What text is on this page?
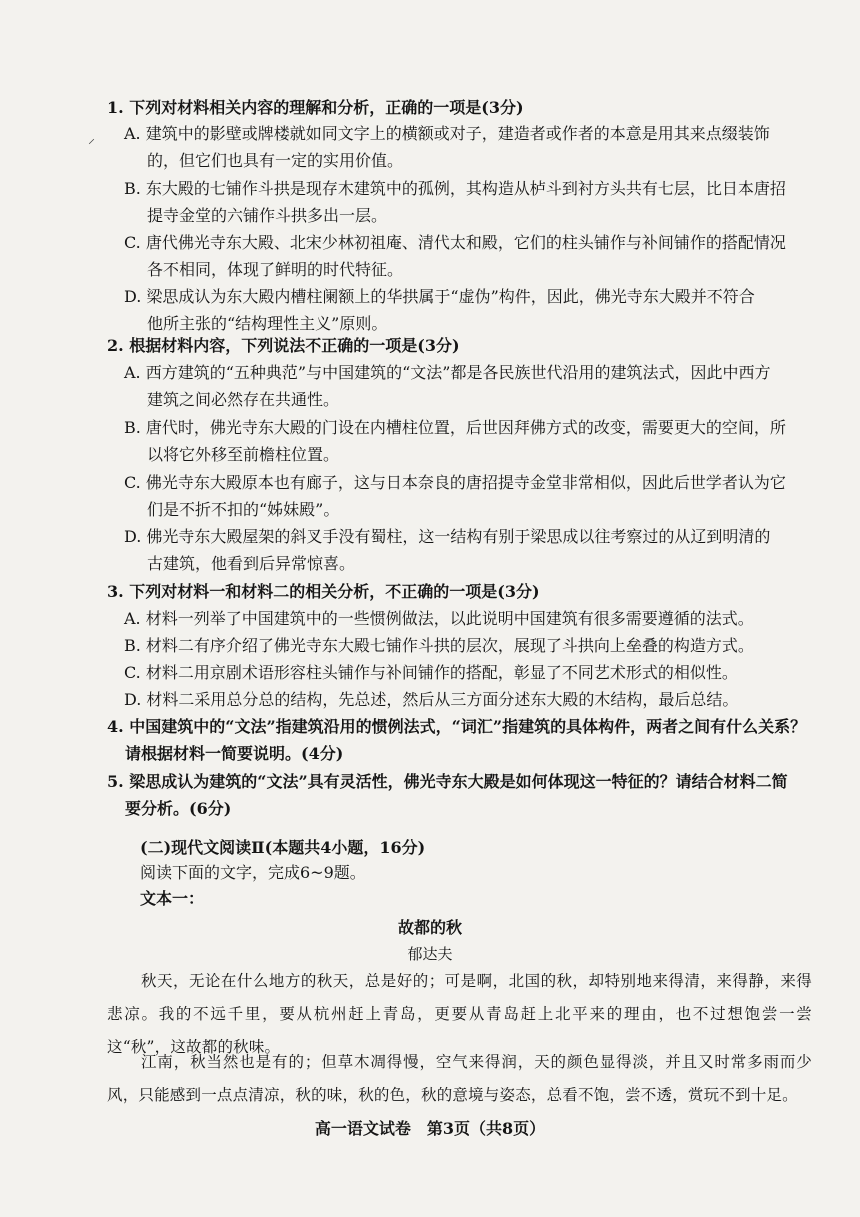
1. 下列对材料相关内容的理解和分析，正确的一项是(3分)
⸝ A. 建筑中的影壁或牌楼就如同文字上的横额或对子，建造者或作者的本意是用其来点缀装饰
的，但它们也具有一定的实用价值。
B. 东大殿的七铺作斗拱是现存木建筑中的孤例，其构造从栌斗到衬方头共有七层，比日本唐招
提寺金堂的六铺作斗拱多出一层。
C. 唐代佛光寺东大殿、北宋少林初祖庵、清代太和殿，它们的柱头铺作与补间铺作的搭配情况
各不相同，体现了鲜明的时代特征。
D. 梁思成认为东大殿内槽柱阑额上的华拱属于“虚伪”构件，因此，佛光寺东大殿并不符合
他所主张的“结构理性主义”原则。
2. 根据材料内容，下列说法不正确的一项是(3分)
A. 西方建筑的“五种典范”与中国建筑的“文法”都是各民族世代沿用的建筑法式，因此中西方
建筑之间必然存在共通性。
B. 唐代时，佛光寺东大殿的门设在内槽柱位置，后世因拜佛方式的改变，需要更大的空间，所
以将它外移至前檐柱位置。
C. 佛光寺东大殿原本也有廊子，这与日本奈良的唐招提寺金堂非常相似，因此后世学者认为它
们是不折不扣的“姊妹殿”。
D. 佛光寺东大殿屋架的斜叉手没有蜀柱，这一结构有别于梁思成以往考察过的从辽到明清的
古建筑，他看到后异常惊喜。
3. 下列对材料一和材料二的相关分析，不正确的一项是(3分)
A. 材料一列举了中国建筑中的一些惯例做法，以此说明中国建筑有很多需要遵循的法式。
B. 材料二有序介绍了佛光寺东大殿七铺作斗拱的层次，展现了斗拱向上垒叠的构造方式。
C. 材料二用京剧术语形容柱头铺作与补间铺作的搭配，彰显了不同艺术形式的相似性。
D. 材料二采用总分总的结构，先总述，然后从三方面分述东大殿的木结构，最后总结。
4. 中国建筑中的“文法”指建筑沿用的惯例法式，“词汇”指建筑的具体构件，两者之间有什么关系？
请根据材料一简要说明。(4分)
5. 梁思成认为建筑的“文法”具有灵活性，佛光寺东大殿是如何体现这一特征的？请结合材料二简
要分析。(6分)
(二)现代文阅读Ⅱ(本题共4小题，16分)
阅读下面的文字，完成6~9题。
文本一：
故都的秋
郁达夫
秋天，无论在什么地方的秋天，总是好的；可是啊，北国的秋，却特别地来得清，来得静，来得悲凉。我的不远千里，要从杭州赶上青岛，更要从青岛赶上北平来的理由，也不过想饱尝一尝这“秋”，这故都的秋味。
江南，秋当然也是有的；但草木凋得慢，空气来得润，天的颜色显得淡，并且又时常多雨而少风，只能感到一点点清凉，秋的味，秋的色，秋的意境与姿态，总看不饱，尝不透，赏玩不到十足。
高一语文试卷　第3页（共8页）
